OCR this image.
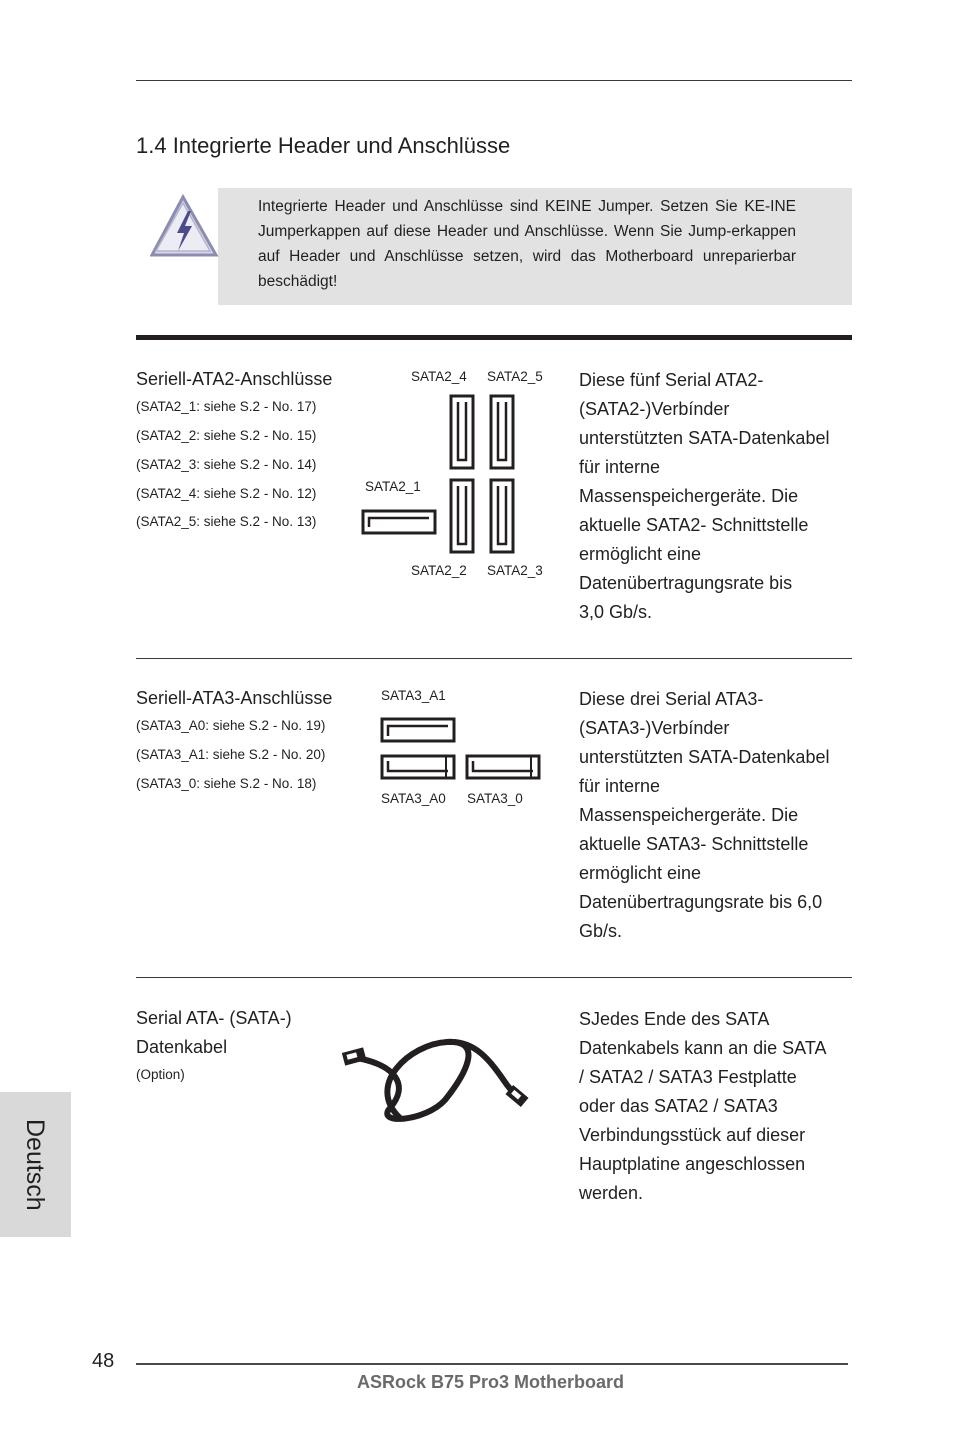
1.4 Integrierte Header und Anschlüsse
Integrierte Header und Anschlüsse sind KEINE Jumper. Setzen Sie KE-INE Jumperkappen auf diese Header und Anschlüsse. Wenn Sie Jump-erkappen auf Header und Anschlüsse setzen, wird das Motherboard unreparierbar beschädigt!
Seriell-ATA2-Anschlüsse
(SATA2_1: siehe S.2 - No. 17)
(SATA2_2: siehe S.2 - No. 15)
(SATA2_3: siehe S.2 - No. 14)
(SATA2_4: siehe S.2 - No. 12)
(SATA2_5: siehe S.2 - No. 13)
SATA2_4 SATA2_5
SATA2_1
SATA2_2 SATA2_3
Diese fünf Serial ATA2-
(SATA2-)Verbínder
unterstützten SATA-Datenkabel
für interne
Massenspeichergeräte. Die
aktuelle SATA2- Schnittstelle
ermöglicht eine
Datenübertragungsrate bis
3,0 Gb/s.
Seriell-ATA3-Anschlüsse
(SATA3_A0: siehe S.2 - No. 19)
(SATA3_A1: siehe S.2 - No. 20)
(SATA3_0: siehe S.2 - No. 18)
SATA3_A1
SATA3_A0 SATA3_0
Diese drei Serial ATA3-
(SATA3-)Verbínder
unterstützten SATA-Datenkabel
für interne
Massenspeichergeräte. Die
aktuelle SATA3- Schnittstelle
ermöglicht eine
Datenübertragungsrate bis 6,0
Gb/s.
Serial ATA- (SATA-)
Datenkabel
(Option)
SJedes Ende des SATA
Datenkabels kann an die SATA
/ SATA2 / SATA3 Festplatte
oder das SATA2 / SATA3
Verbindungsstück auf dieser
Hauptplatine angeschlossen
werden.
Deutsch
48
ASRock B75 Pro3 Motherboard
